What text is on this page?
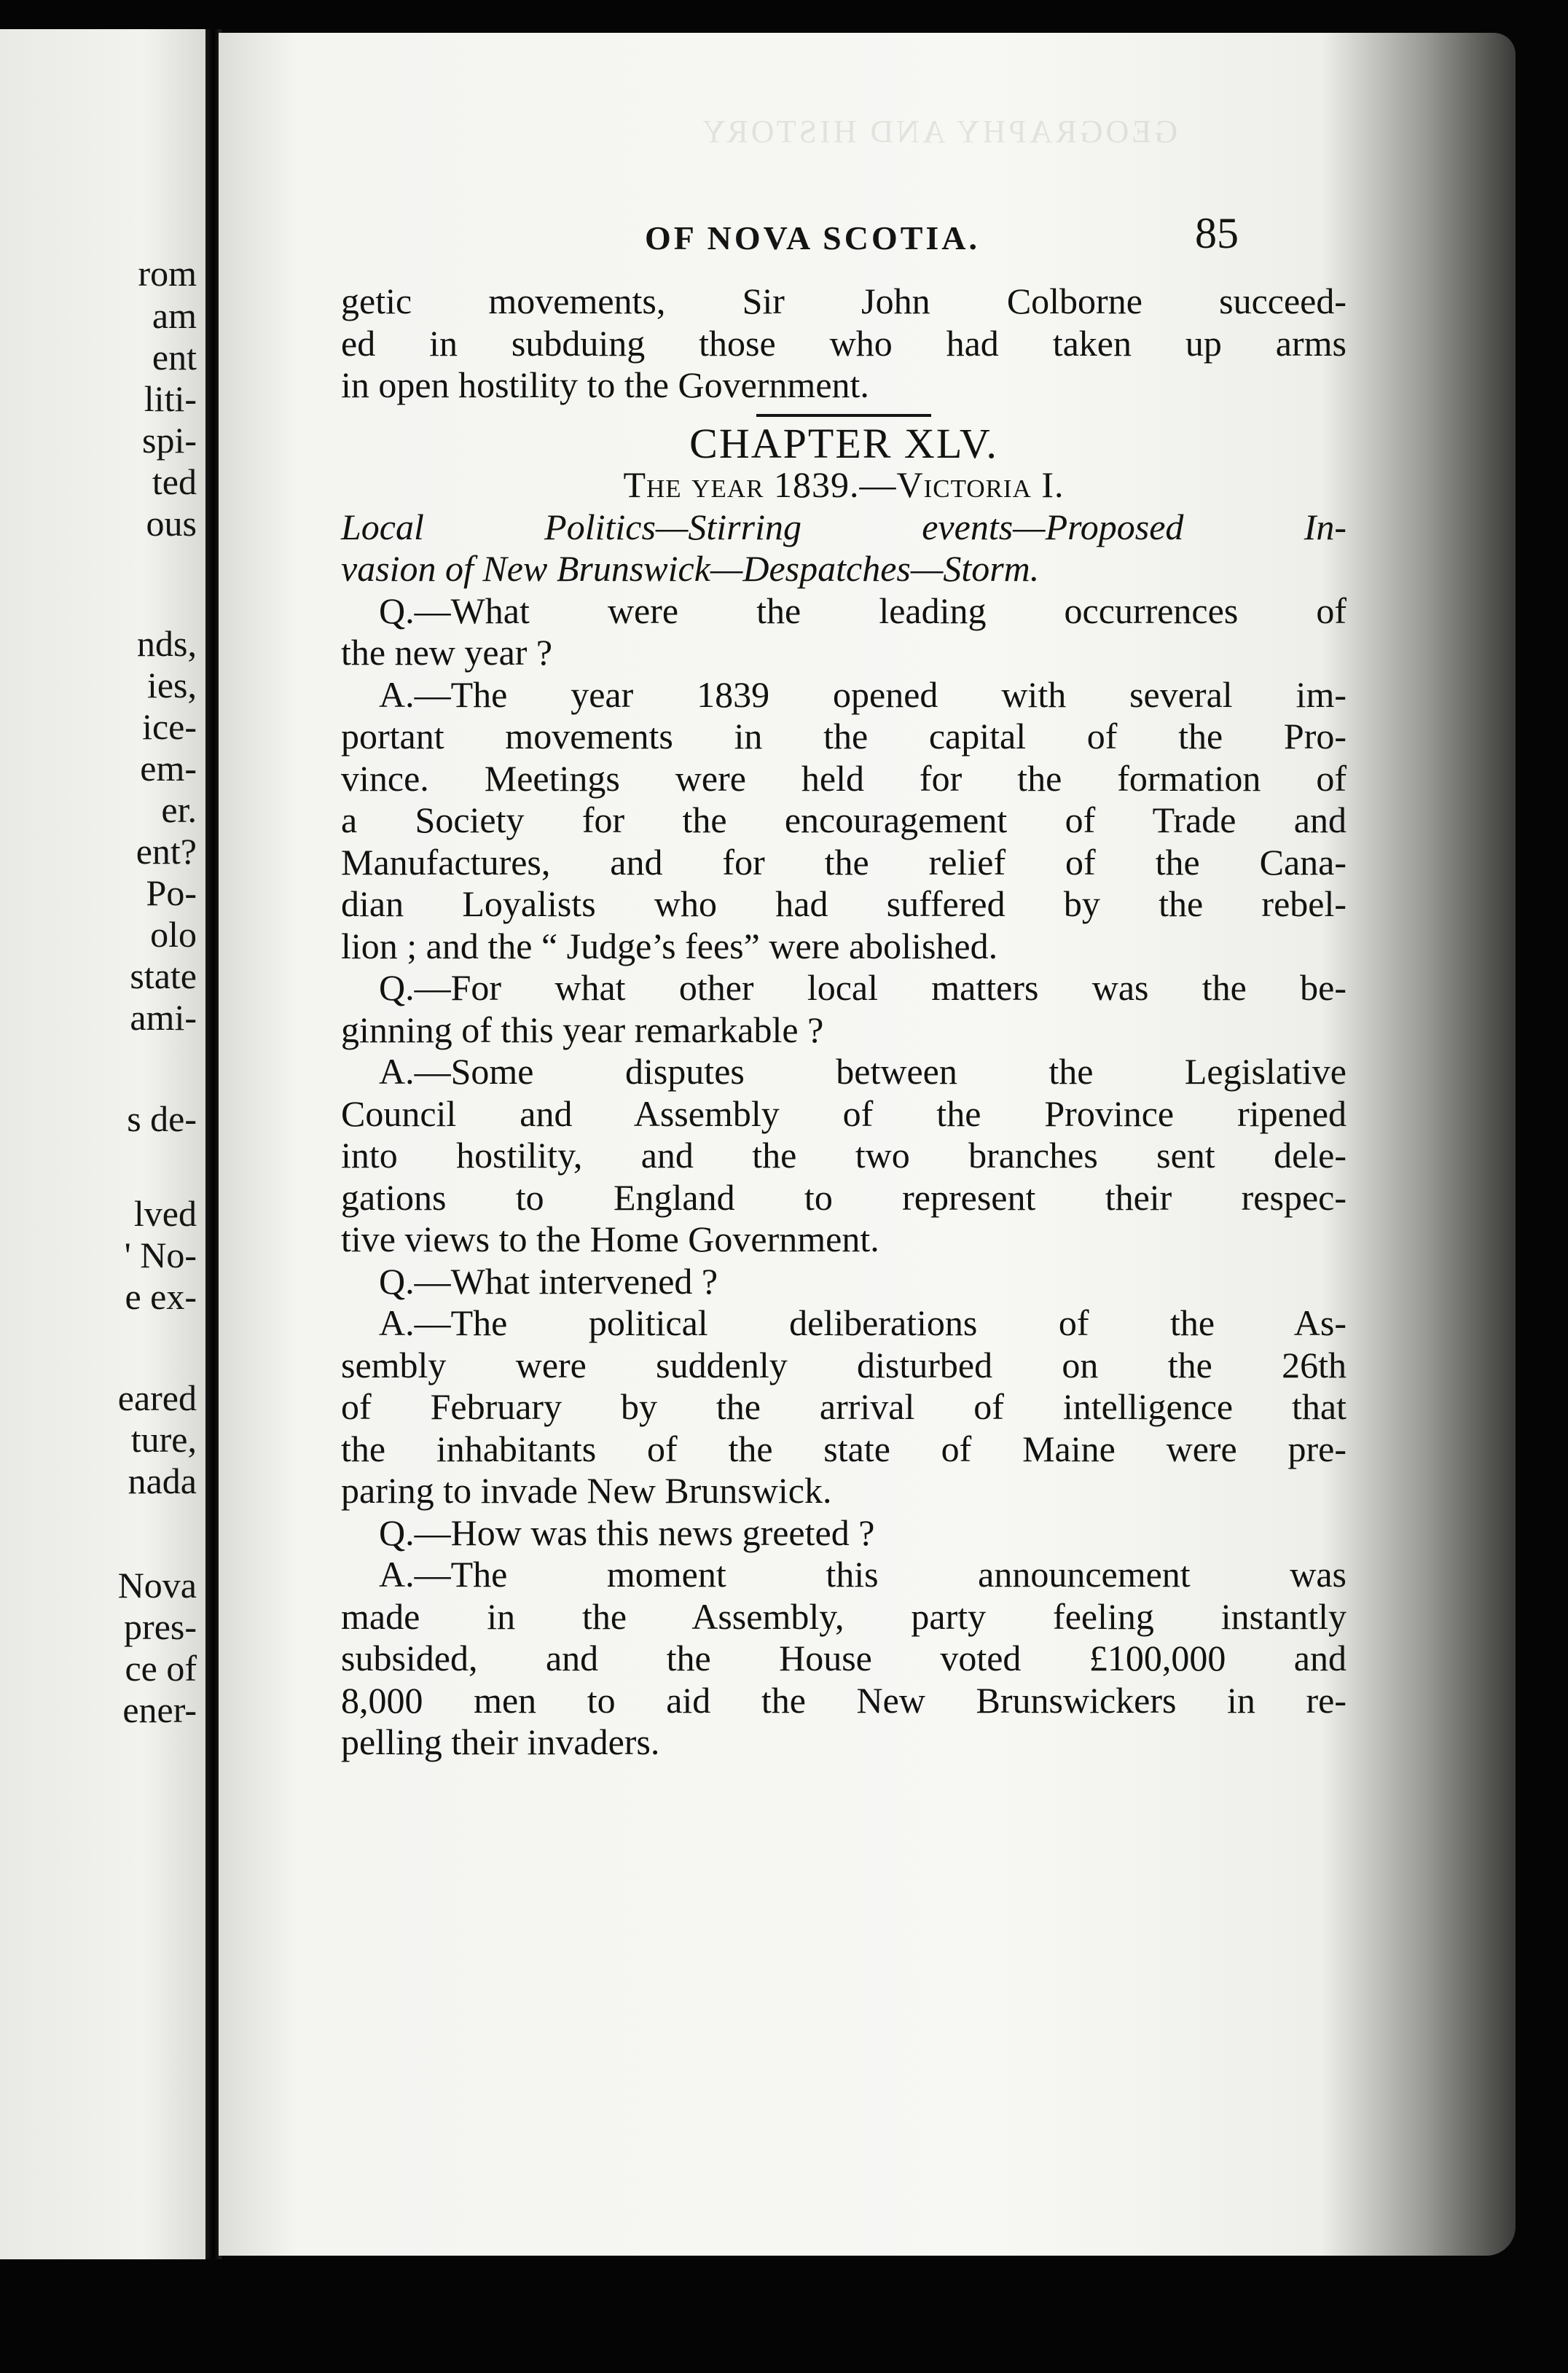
rom
am
ent
liti-
spi-
ted
ous
nds,
ies,
ice-
em-
er.
ent?
Po-
olo
state
ami-
s de-
lved
' No-
e ex-
eared
ture,
nada
Nova
pres-
ce of
ener-
GEOGRAPHY AND HISTORY
OF NOVA SCOTIA.	85
getic movements, Sir John Colborne succeed-
ed in subduing those who had taken up arms
in open hostility to the Government.
CHAPTER XLV.
The year 1839.—Victoria I.
Local Politics—Stirring events—Proposed In-
vasion of New Brunswick—Despatches—Storm.
Q.—What were the leading occurrences of
the new year ?
A.—The year 1839 opened with several im-
portant movements in the capital of the Pro-
vince. Meetings were held for the formation of
a Society for the encouragement of Trade and
Manufactures, and for the relief of the Cana-
dian Loyalists who had suffered by the rebel-
lion ; and the “ Judge’s fees” were abolished.
Q.—For what other local matters was the be-
ginning of this year remarkable ?
A.—Some disputes between the Legislative
Council and Assembly of the Province ripened
into hostility, and the two branches sent dele-
gations to England to represent their respec-
tive views to the Home Government.
Q.—What intervened ?
A.—The political deliberations of the As-
sembly were suddenly disturbed on the 26th
of February by the arrival of intelligence that
the inhabitants of the state of Maine were pre-
paring to invade New Brunswick.
Q.—How was this news greeted ?
A.—The moment this announcement was
made in the Assembly, party feeling instantly
subsided, and the House voted £100,000 and
8,000 men to aid the New Brunswickers in re-
pelling their invaders.
